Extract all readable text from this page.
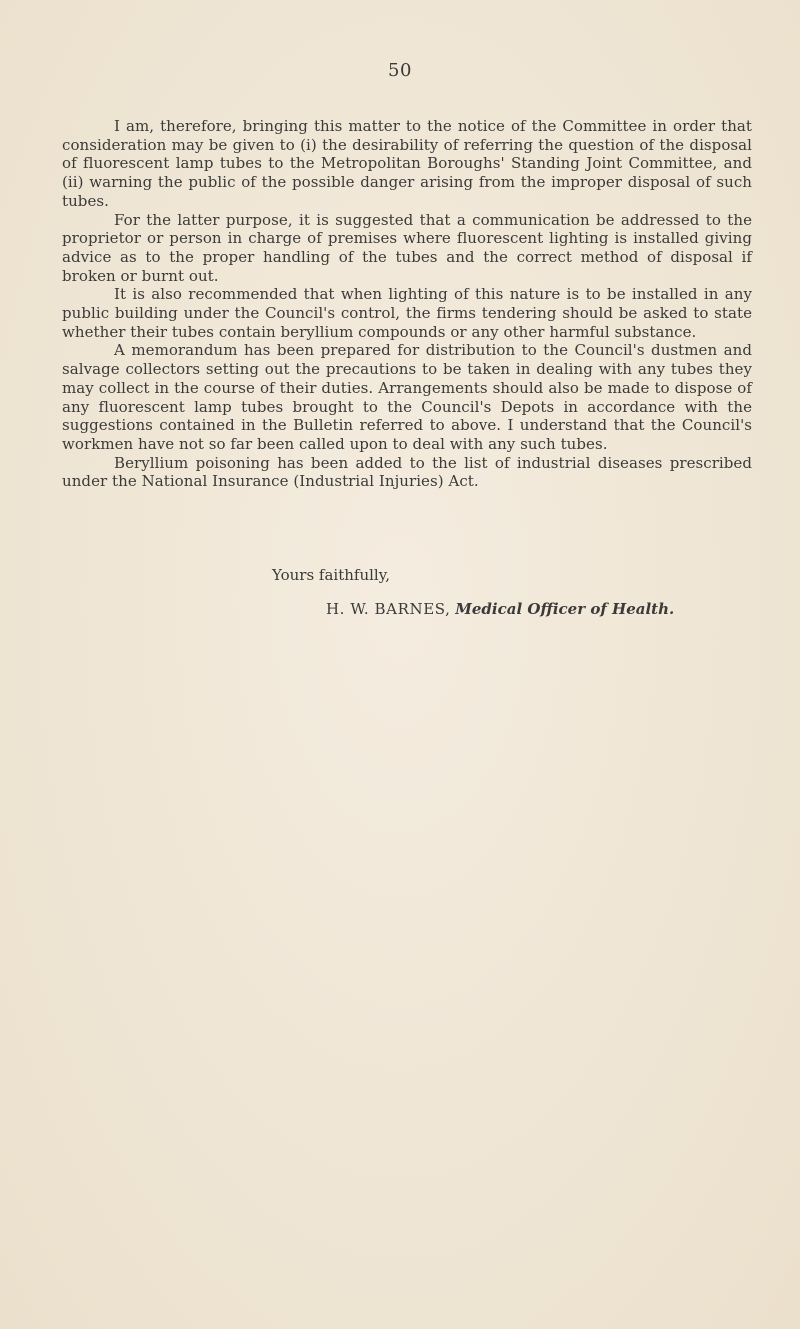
50

I am, therefore, bringing this matter to the notice of the Committee in order that consideration may be given to (i) the desirability of referring the question of the disposal of fluorescent lamp tubes to the Metropolitan Boroughs' Standing Joint Committee, and (ii) warning the public of the possible danger arising from the improper disposal of such tubes.

For the latter purpose, it is suggested that a communication be addressed to the proprietor or person in charge of premises where fluorescent lighting is installed giving advice as to the proper handling of the tubes and the correct method of disposal if broken or burnt out.

It is also recommended that when lighting of this nature is to be installed in any public building under the Council's control, the firms tendering should be asked to state whether their tubes contain beryllium compounds or any other harmful substance.

A memorandum has been prepared for distribution to the Council's dustmen and salvage collectors setting out the precautions to be taken in dealing with any tubes they may collect in the course of their duties. Arrangements should also be made to dispose of any fluorescent lamp tubes brought to the Council's Depots in accordance with the suggestions contained in the Bulletin referred to above. I understand that the Council's workmen have not so far been called upon to deal with any such tubes.

Beryllium poisoning has been added to the list of industrial diseases prescribed under the National Insurance (Industrial Injuries) Act.

Yours faithfully,
H. W. BARNES, Medical Officer of Health.
